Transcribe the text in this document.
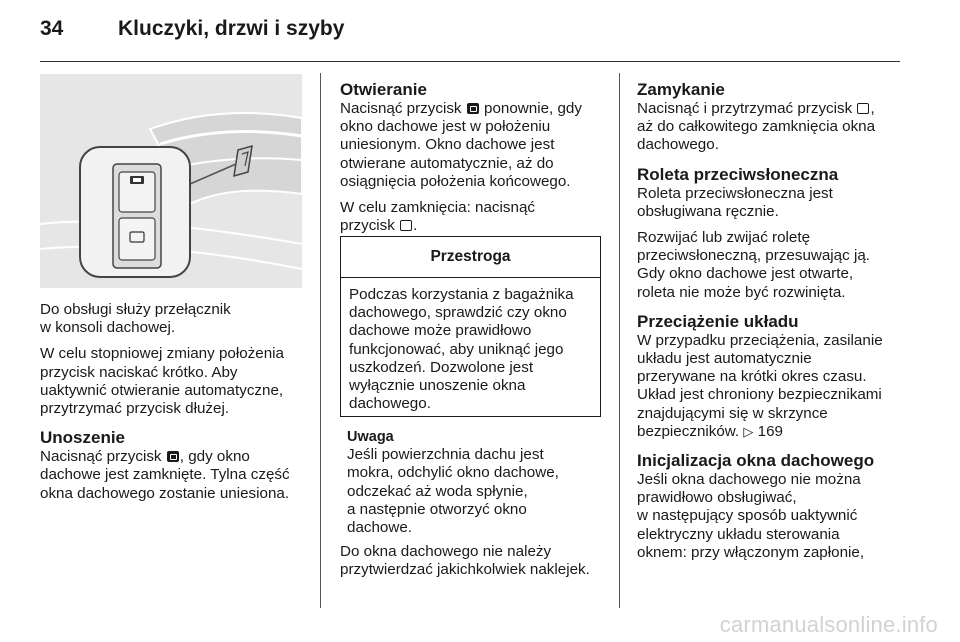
34	Kluczyki, drzwi i szyby

Do obsługi służy przełącznik
w konsoli dachowej.

W celu stopniowej zmiany położenia
przycisk naciskać krótko. Aby
uaktywnić otwieranie automatyczne,
przytrzymać przycisk dłużej.

Unoszenie

Nacisnąć przycisk , gdy okno
dachowe jest zamknięte. Tylna część
okna dachowego zostanie uniesiona.

Otwieranie

Nacisnąć przycisk ponownie, gdy
okno dachowe jest w położeniu
uniesionym. Okno dachowe jest
otwierane automatycznie, aż do
osiągnięcia położenia końcowego.

W celu zamknięcia: nacisnąć
przycisk .

Przestroga
Podczas korzystania z bagażnika
dachowego, sprawdzić czy okno
dachowe może prawidłowo
funkcjonować, aby uniknąć jego
uszkodzeń. Dozwolone jest
wyłącznie unoszenie okna
dachowego.
Uwaga

Jeśli powierzchnia dachu jest
mokra, odchylić okno dachowe,
odczekać aż woda spłynie,
a następnie otworzyć okno
dachowe.

Do okna dachowego nie należy
przytwierdzać jakichkolwiek naklejek.

Zamykanie

Nacisnąć i przytrzymać przycisk ,
aż do całkowitego zamknięcia okna
dachowego.

Roleta przeciwsłoneczna

Roleta przeciwsłoneczna jest
obsługiwana ręcznie.

Rozwijać lub zwijać roletę
przeciwsłoneczną, przesuwając ją.
Gdy okno dachowe jest otwarte,
roleta nie może być rozwinięta.

Przeciążenie układu

W przypadku przeciążenia, zasilanie
układu jest automatycznie
przerywane na krótki okres czasu.
Układ jest chroniony bezpiecznikami
znajdującymi się w skrzynce
bezpieczników. ▷ 169

Inicjalizacja okna dachowego

Jeśli okna dachowego nie można
prawidłowo obsługiwać,
w następujący sposób uaktywnić
elektryczny układu sterowania
oknem: przy włączonym zapłonie,

carmanualsonline.info
